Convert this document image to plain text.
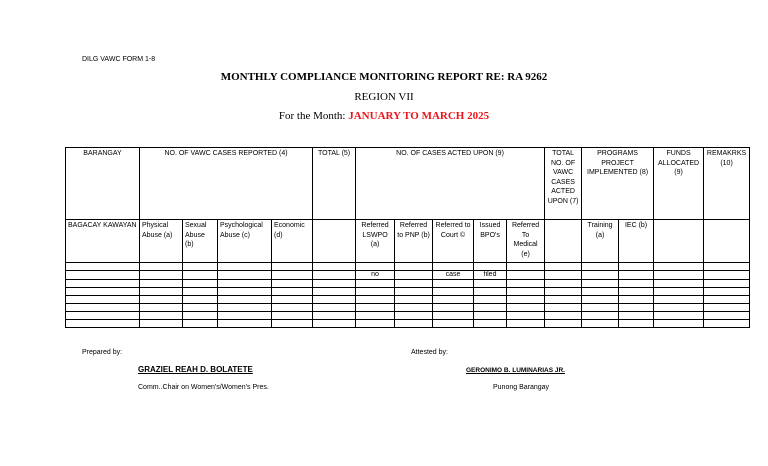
DILG VAWC FORM 1-8
MONTHLY COMPLIANCE MONITORING REPORT RE: RA 9262
REGION VII
For the Month: JANUARY TO MARCH 2025
BARANGAY	NO. OF VAWC CASES REPORTED (4)				TOTAL (5)	NO. OF CASES ACTED UPON (9)					TOTAL NO. OF VAWC CASES ACTED UPON (7)	PROGRAMS PROJECT IMPLEMENTED (8)		FUNDS ALLOCATED (9)	REMAKRKS (10)
BAGACAY KAWAYAN	Physical Abuse (a)	Sexual Abuse (b)	Psychological Abuse (c)	Economic (d)		Referred LSWPO (a)	Referred to PNP (b)	Referred to Court ©	Issued BPO's	Referred To Medical (e)		Training (a)	IEC (b)		

						no		case	filed						

Prepared by:	Attested by:
GRAZIEL REAH D. BOLATETE	GERONIMO B. LUMINARIAS JR.
Comm..Chair on Women's/Women's Pres.	Punong Barangay
